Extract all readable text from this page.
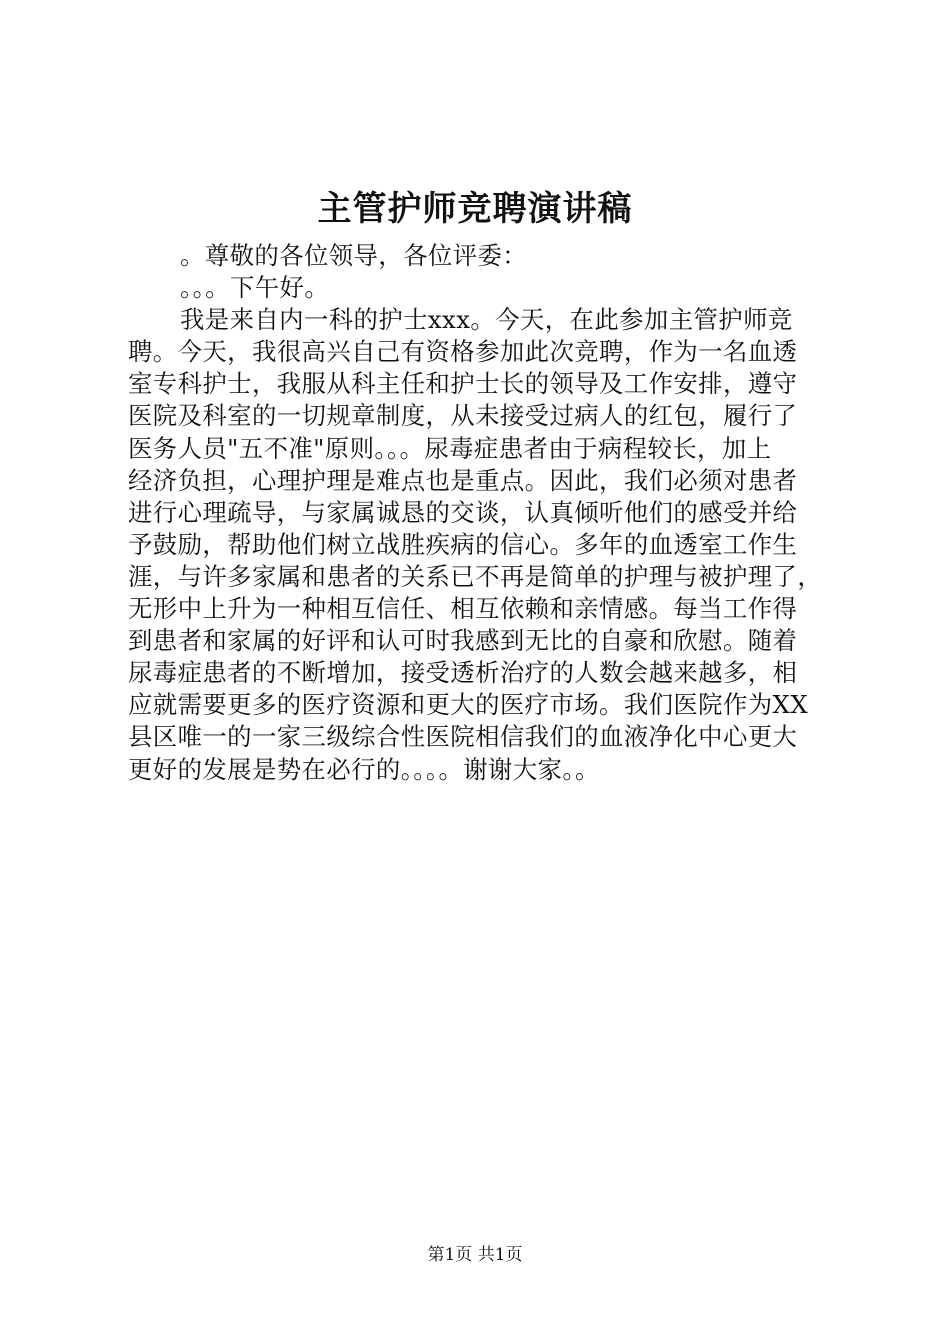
主管护师竞聘演讲稿
。尊敬的各位领导，各位评委：
。。。下午好。
我是来自内一科的护士xxx。今天，在此参加主管护师竞
聘。今天，我很高兴自己有资格参加此次竞聘，作为一名血透
室专科护士，我服从科主任和护士长的领导及工作安排，遵守
医院及科室的一切规章制度，从未接受过病人的红包，履行了
医务人员"五不准"原则。。。尿毒症患者由于病程较长，加上
经济负担，心理护理是难点也是重点。因此，我们必须对患者
进行心理疏导，与家属诚恳的交谈，认真倾听他们的感受并给
予鼓励，帮助他们树立战胜疾病的信心。多年的血透室工作生
涯，与许多家属和患者的关系已不再是简单的护理与被护理了，
无形中上升为一种相互信任、相互依赖和亲情感。每当工作得
到患者和家属的好评和认可时我感到无比的自豪和欣慰。随着
尿毒症患者的不断增加，接受透析治疗的人数会越来越多，相
应就需要更多的医疗资源和更大的医疗市场。我们医院作为XX
县区唯一的一家三级综合性医院相信我们的血液净化中心更大
更好的发展是势在必行的。。。。谢谢大家。。
第1页 共1页
